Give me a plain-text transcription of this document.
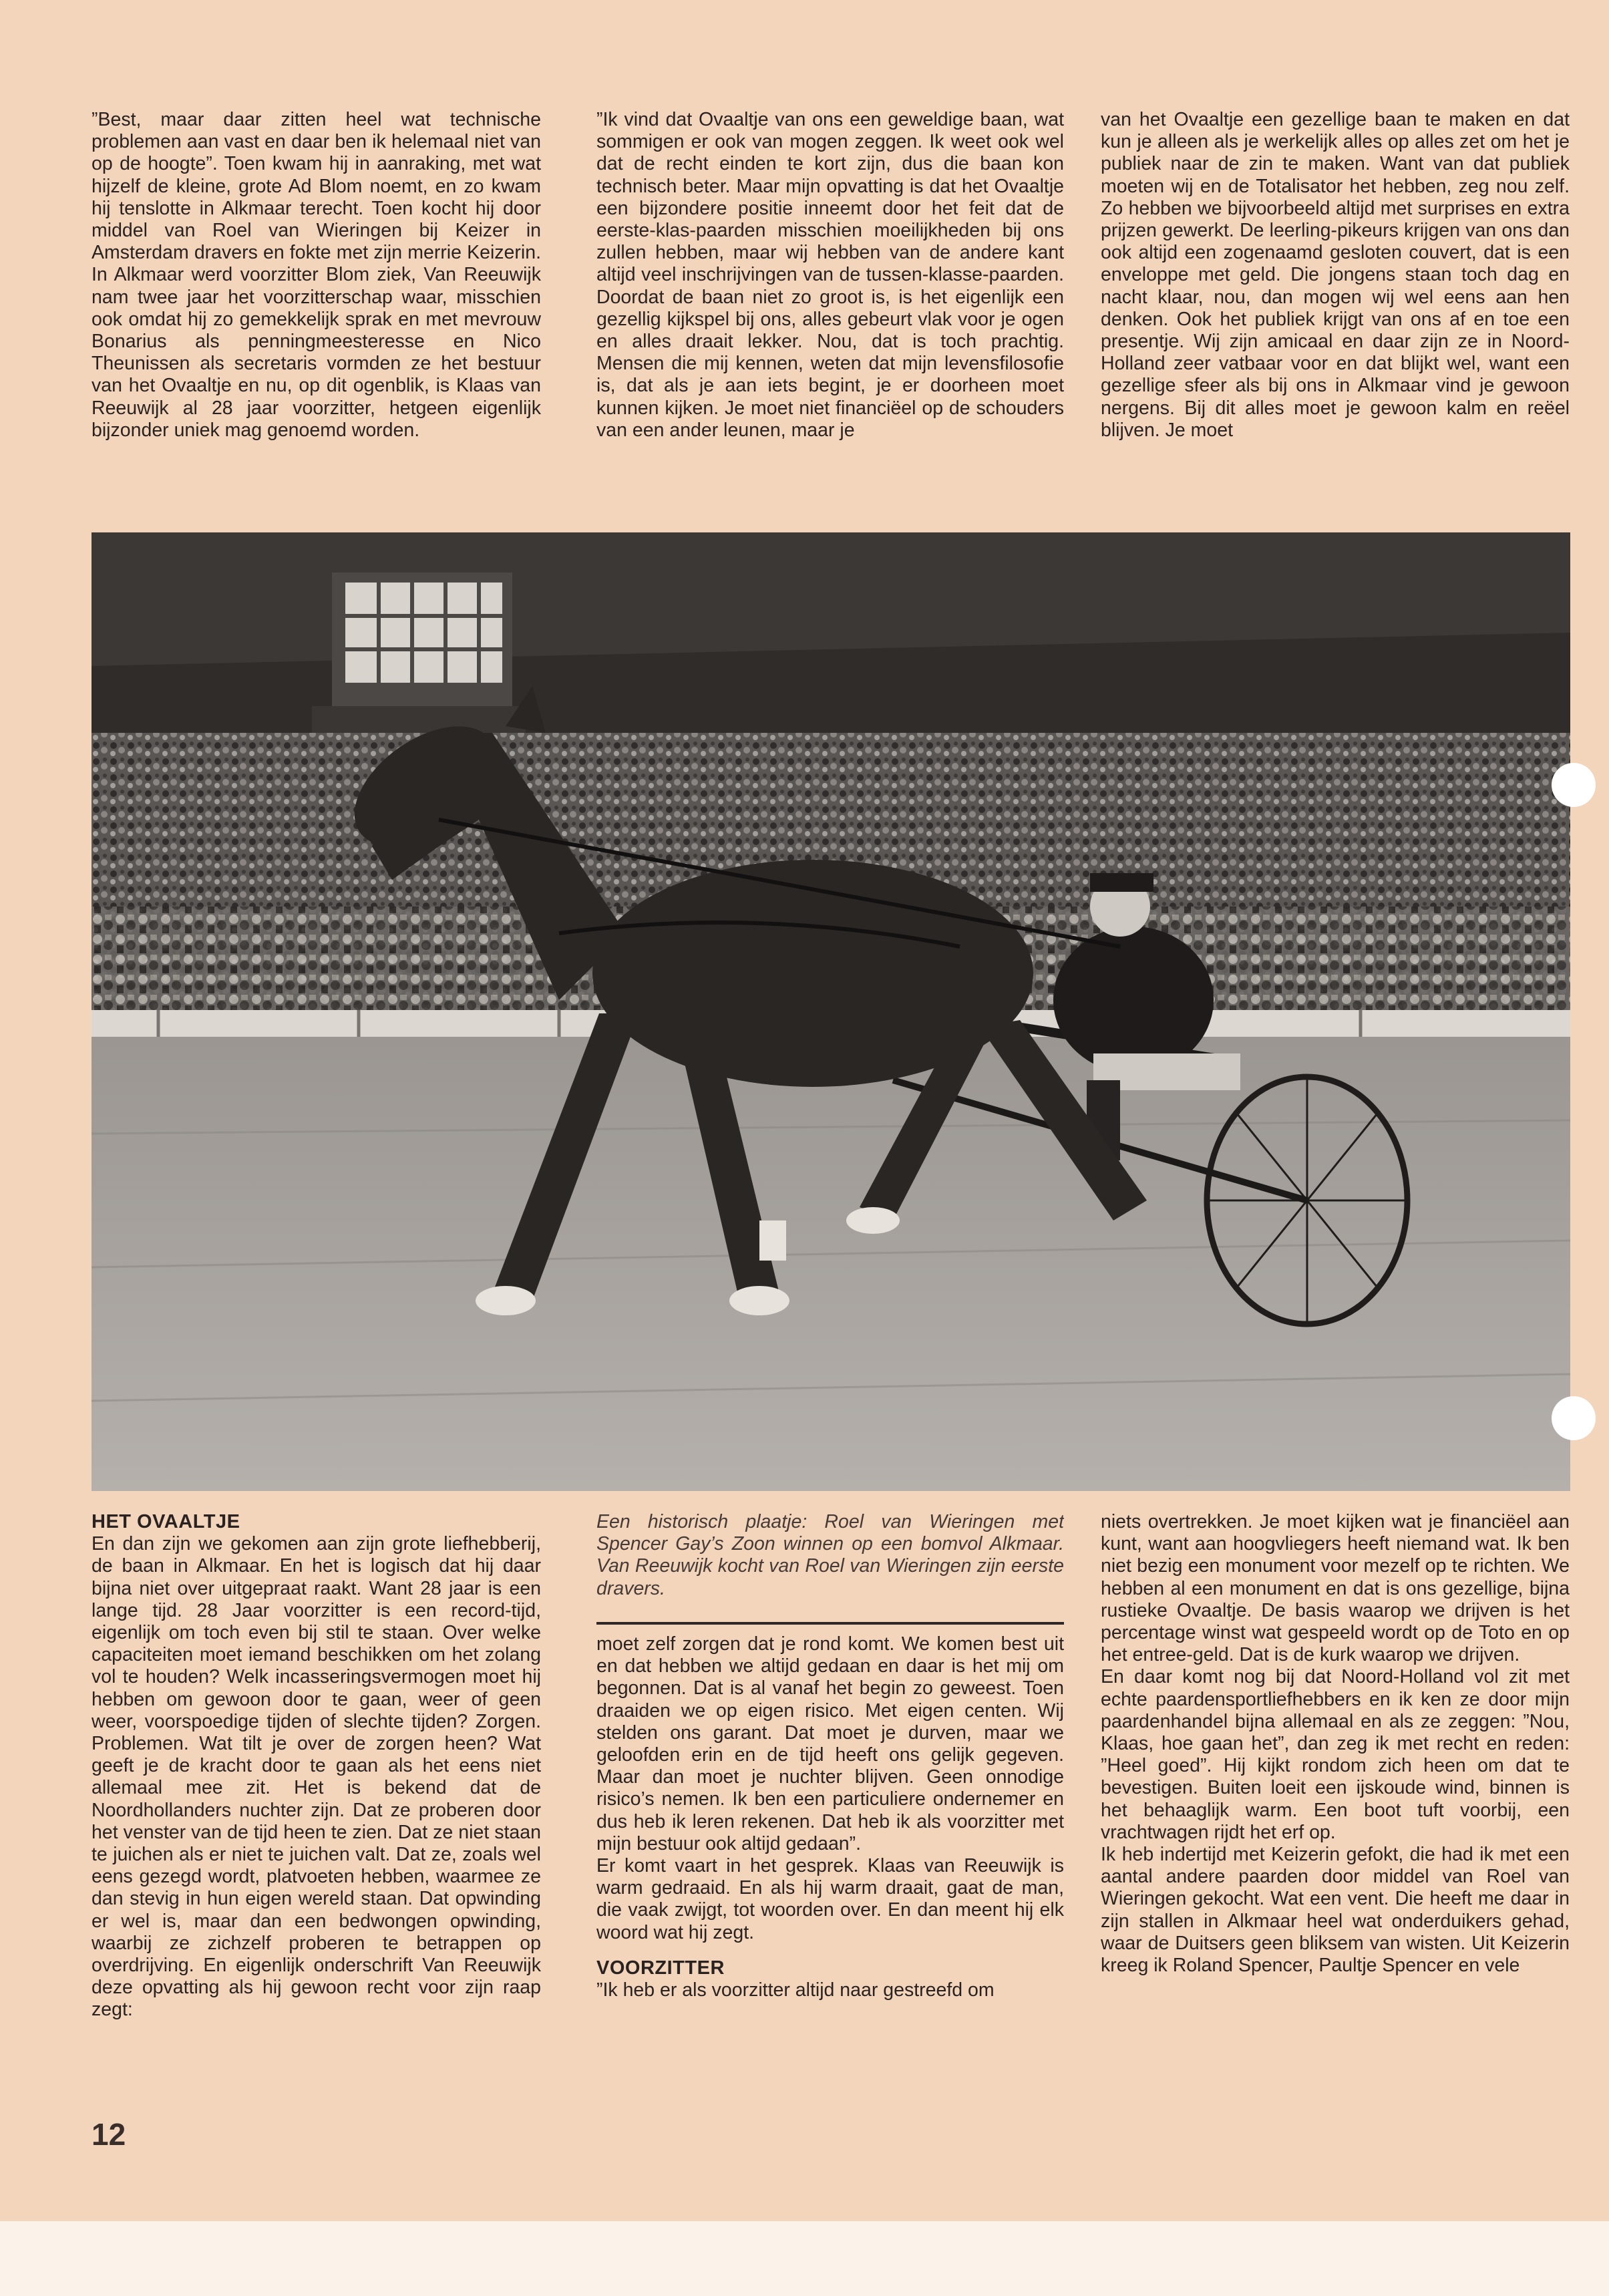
”Best, maar daar zitten heel wat technische problemen aan vast en daar ben ik helemaal niet van op de hoogte”. Toen kwam hij in aanraking, met wat hijzelf de kleine, grote Ad Blom noemt, en zo kwam hij tenslotte in Alkmaar terecht. Toen kocht hij door middel van Roel van Wieringen bij Keizer in Amsterdam dravers en fokte met zijn merrie Keizerin. In Alkmaar werd voorzitter Blom ziek, Van Reeuwijk nam twee jaar het voorzitterschap waar, misschien ook omdat hij zo gemekkelijk sprak en met mevrouw Bonarius als penningmeesteresse en Nico Theunissen als secretaris vormden ze het bestuur van het Ovaaltje en nu, op dit ogenblik, is Klaas van Reeuwijk al 28 jaar voorzitter, hetgeen eigenlijk bijzonder uniek mag genoemd worden.

”Ik vind dat Ovaaltje van ons een geweldige baan, wat sommigen er ook van mogen zeggen. Ik weet ook wel dat de recht einden te kort zijn, dus die baan kon technisch beter. Maar mijn opvatting is dat het Ovaaltje een bijzondere positie inneemt door het feit dat de eerste-klas-paarden misschien moeilijkheden bij ons zullen hebben, maar wij hebben van de andere kant altijd veel inschrijvingen van de tussen-klasse-paarden. Doordat de baan niet zo groot is, is het eigenlijk een gezellig kijkspel bij ons, alles gebeurt vlak voor je ogen en alles draait lekker. Nou, dat is toch prachtig. Mensen die mij kennen, weten dat mijn levensfilosofie is, dat als je aan iets begint, je er doorheen moet kunnen kijken. Je moet niet financiëel op de schouders van een ander leunen, maar je

van het Ovaaltje een gezellige baan te maken en dat kun je alleen als je werkelijk alles op alles zet om het je publiek naar de zin te maken. Want van dat publiek moeten wij en de Totalisator het hebben, zeg nou zelf. Zo hebben we bijvoorbeeld altijd met surprises en extra prijzen gewerkt. De leerling-pikeurs krijgen van ons dan ook altijd een zogenaamd gesloten couvert, dat is een enveloppe met geld. Die jongens staan toch dag en nacht klaar, nou, dan mogen wij wel eens aan hen denken. Ook het publiek krijgt van ons af en toe een presentje. Wij zijn amicaal en daar zijn ze in Noord-Holland zeer vatbaar voor en dat blijkt wel, want een gezellige sfeer als bij ons in Alkmaar vind je gewoon nergens. Bij dit alles moet je gewoon kalm en reëel blijven. Je moet

HET OVAALTJE

En dan zijn we gekomen aan zijn grote liefhebberij, de baan in Alkmaar. En het is logisch dat hij daar bijna niet over uitgepraat raakt. Want 28 jaar is een lange tijd. 28 Jaar voorzitter is een record-tijd, eigenlijk om toch even bij stil te staan. Over welke capaciteiten moet iemand beschikken om het zolang vol te houden? Welk incasseringsvermogen moet hij hebben om gewoon door te gaan, weer of geen weer, voorspoedige tijden of slechte tijden? Zorgen. Problemen. Wat tilt je over de zorgen heen? Wat geeft je de kracht door te gaan als het eens niet allemaal mee zit. Het is bekend dat de Noordhollanders nuchter zijn. Dat ze proberen door het venster van de tijd heen te zien. Dat ze niet staan te juichen als er niet te juichen valt. Dat ze, zoals wel eens gezegd wordt, platvoeten hebben, waarmee ze dan stevig in hun eigen wereld staan. Dat opwinding er wel is, maar dan een bedwongen opwinding, waarbij ze zichzelf proberen te betrappen op overdrijving. En eigenlijk onderschrift Van Reeuwijk deze opvatting als hij gewoon recht voor zijn raap zegt:

Een historisch plaatje: Roel van Wieringen met Spencer Gay’s Zoon winnen op een bomvol Alkmaar. Van Reeuwijk kocht van Roel van Wieringen zijn eerste dravers.

moet zelf zorgen dat je rond komt. We komen best uit en dat hebben we altijd gedaan en daar is het mij om begonnen. Dat is al vanaf het begin zo geweest. Toen draaiden we op eigen risico. Met eigen centen. Wij stelden ons garant. Dat moet je durven, maar we geloofden erin en de tijd heeft ons gelijk gegeven. Maar dan moet je nuchter blijven. Geen onnodige risico’s nemen. Ik ben een particuliere ondernemer en dus heb ik leren rekenen. Dat heb ik als voorzitter met mijn bestuur ook altijd gedaan”.

Er komt vaart in het gesprek. Klaas van Reeuwijk is warm gedraaid. En als hij warm draait, gaat de man, die vaak zwijgt, tot woorden over. En dan meent hij elk woord wat hij zegt.

VOORZITTER

”Ik heb er als voorzitter altijd naar gestreefd om

niets overtrekken. Je moet kijken wat je financiëel aan kunt, want aan hoogvliegers heeft niemand wat. Ik ben niet bezig een monument voor mezelf op te richten. We hebben al een monument en dat is ons gezellige, bijna rustieke Ovaaltje. De basis waarop we drijven is het percentage winst wat gespeeld wordt op de Toto en op het entree-geld. Dat is de kurk waarop we drijven.

En daar komt nog bij dat Noord-Holland vol zit met echte paardensportliefhebbers en ik ken ze door mijn paardenhandel bijna allemaal en als ze zeggen: ”Nou, Klaas, hoe gaan het”, dan zeg ik met recht en reden: ”Heel goed”. Hij kijkt rondom zich heen om dat te bevestigen. Buiten loeit een ijskoude wind, binnen is het behaaglijk warm. Een boot tuft voorbij, een vrachtwagen rijdt het erf op.

Ik heb indertijd met Keizerin gefokt, die had ik met een aantal andere paarden door middel van Roel van Wieringen gekocht. Wat een vent. Die heeft me daar in zijn stallen in Alkmaar heel wat onderduikers gehad, waar de Duitsers geen bliksem van wisten. Uit Keizerin kreeg ik Roland Spencer, Paultje Spencer en vele

12
